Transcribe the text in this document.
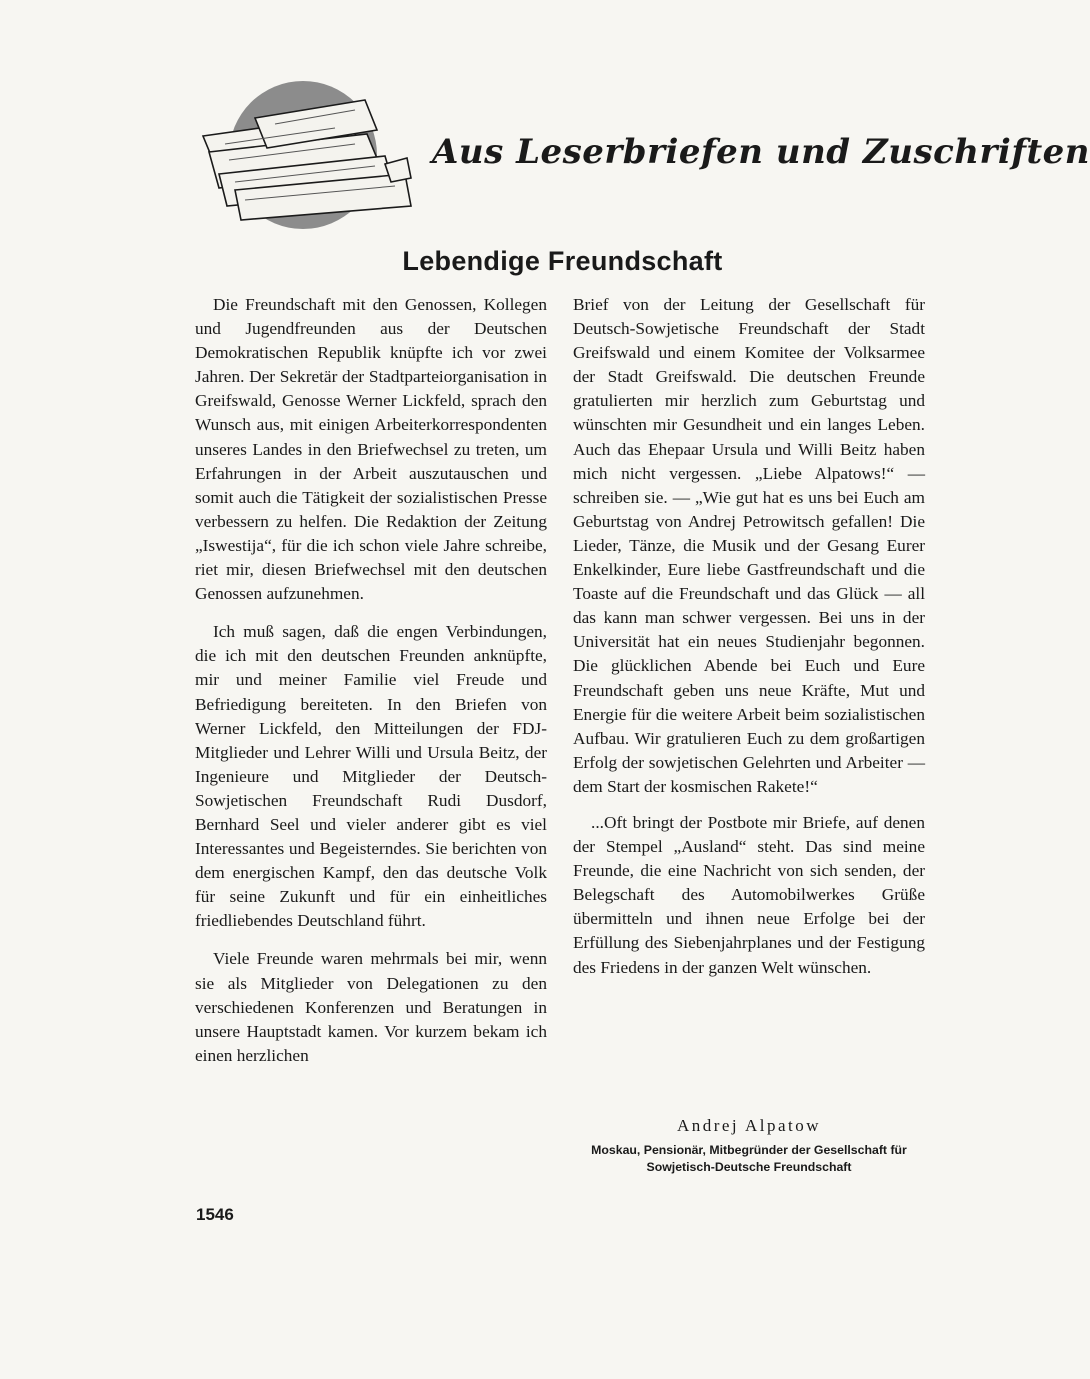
Aus Leserbriefen und Zuschriften
Lebendige Freundschaft

Die Freundschaft mit den Genossen, Kollegen und Jugendfreunden aus der Deutschen Demokratischen Republik knüpfte ich vor zwei Jahren. Der Sekretär der Stadtparteiorganisation in Greifswald, Genosse Werner Lickfeld, sprach den Wunsch aus, mit einigen Arbeiterkorrespondenten unseres Landes in den Briefwechsel zu treten, um Erfahrungen in der Arbeit auszutauschen und somit auch die Tätigkeit der sozialistischen Presse verbessern zu helfen. Die Redaktion der Zeitung „Iswestija“, für die ich schon viele Jahre schreibe, riet mir, diesen Briefwechsel mit den deutschen Genossen aufzunehmen.

Ich muß sagen, daß die engen Verbindungen, die ich mit den deutschen Freunden anknüpfte, mir und meiner Familie viel Freude und Befriedigung bereiteten. In den Briefen von Werner Lickfeld, den Mitteilungen der FDJ-Mitglieder und Lehrer Willi und Ursula Beitz, der Ingenieure und Mitglieder der Deutsch-Sowjetischen Freundschaft Rudi Dusdorf, Bernhard Seel und vieler anderer gibt es viel Interessantes und Begeisterndes. Sie berichten von dem energischen Kampf, den das deutsche Volk für seine Zukunft und für ein einheitliches friedliebendes Deutschland führt.

Viele Freunde waren mehrmals bei mir, wenn sie als Mitglieder von Delegationen zu den verschiedenen Konferenzen und Beratungen in unsere Hauptstadt kamen. Vor kurzem bekam ich einen herzlichen

Brief von der Leitung der Gesellschaft für Deutsch-Sowjetische Freundschaft der Stadt Greifswald und einem Komitee der Volksarmee der Stadt Greifswald. Die deutschen Freunde gratulierten mir herzlich zum Geburtstag und wünschten mir Gesundheit und ein langes Leben. Auch das Ehepaar Ursula und Willi Beitz haben mich nicht vergessen. „Liebe Alpatows!“ — schreiben sie. — „Wie gut hat es uns bei Euch am Geburtstag von Andrej Petrowitsch gefallen! Die Lieder, Tänze, die Musik und der Gesang Eurer Enkelkinder, Eure liebe Gastfreundschaft und die Toaste auf die Freundschaft und das Glück — all das kann man schwer vergessen. Bei uns in der Universität hat ein neues Studienjahr begonnen. Die glücklichen Abende bei Euch und Eure Freundschaft geben uns neue Kräfte, Mut und Energie für die weitere Arbeit beim sozialistischen Aufbau. Wir gratulieren Euch zu dem großartigen Erfolg der sowjetischen Gelehrten und Arbeiter — dem Start der kosmischen Rakete!“

...Oft bringt der Postbote mir Briefe, auf denen der Stempel „Ausland“ steht. Das sind meine Freunde, die eine Nachricht von sich senden, der Belegschaft des Automobilwerkes Grüße übermitteln und ihnen neue Erfolge bei der Erfüllung des Siebenjahrplanes und der Festigung des Friedens in der ganzen Welt wünschen.

Andrej Alpatow
Moskau, Pensionär, Mitbegründer der Gesellschaft für Sowjetisch-Deutsche Freundschaft
1546
